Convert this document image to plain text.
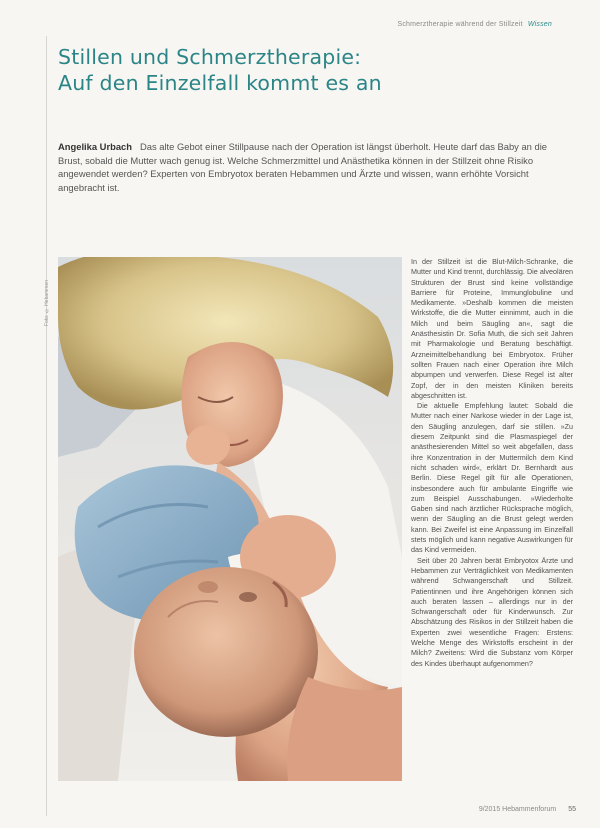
Schmerztherapie während der Stillzeit Wissen
Stillen und Schmerztherapie:
Auf den Einzelfall kommt es an

Angelika Urbach Das alte Gebot einer Stillpause nach der Operation ist längst überholt. Heute darf das Baby an die Brust, sobald die Mutter wach genug ist. Welche Schmerzmittel und Anästhetika können in der Stillzeit ohne Risiko angewendet werden? Experten von Embryotox beraten Hebammen und Ärzte und wissen, wann erhöhte Vorsicht angebracht ist.

Foto: © Hebammen

In der Stillzeit ist die Blut-Milch-Schranke, die Mutter und Kind trennt, durchlässig. Die alveolären Strukturen der Brust sind keine vollständige Barriere für Proteine, Immunglobuline und Medikamente. »Deshalb kommen die meisten Wirkstoffe, die die Mutter einnimmt, auch in die Milch und beim Säugling an«, sagt die Anästhesistin Dr. Sofia Muth, die sich seit Jahren mit Pharmakologie und Beratung beschäftigt. Arzneimittelbehandlung bei Embryotox. Früher sollten Frauen nach einer Operation ihre Milch abpumpen und verwerfen. Diese Regel ist alter Zopf, der in den meisten Kliniken bereits abgeschnitten ist.

Die aktuelle Empfehlung lautet: Sobald die Mutter nach einer Narkose wieder in der Lage ist, den Säugling anzulegen, darf sie stillen. »Zu diesem Zeitpunkt sind die Plasmaspiegel der anästhesierenden Mittel so weit abgefallen, dass ihre Konzentration in der Muttermilch dem Kind nicht schaden wird«, erklärt Dr. Bernhardt aus Berlin. Diese Regel gilt für alle Operationen, insbesondere auch für ambulante Eingriffe wie zum Beispiel Ausschabungen. »Wiederholte Gaben sind nach ärztlicher Rücksprache möglich, wenn der Säugling an die Brust gelegt werden kann. Bei Zweifel ist eine Anpassung im Einzelfall stets möglich und kann negative Auswirkungen für das Kind vermeiden.

Seit über 20 Jahren berät Embryotox Ärzte und Hebammen zur Verträglichkeit von Medikamenten während Schwangerschaft und Stillzeit. Patientinnen und ihre Angehörigen können sich auch beraten lassen – allerdings nur in der Schwangerschaft oder für Kinderwunsch. Zur Abschätzung des Risikos in der Stillzeit haben die Experten zwei wesentliche Fragen: Erstens: Welche Menge des Wirkstoffs erscheint in der Milch? Zweitens: Wird die Substanz vom Körper des Kindes überhaupt aufgenommen?

9/2015 Hebammenforum 55
